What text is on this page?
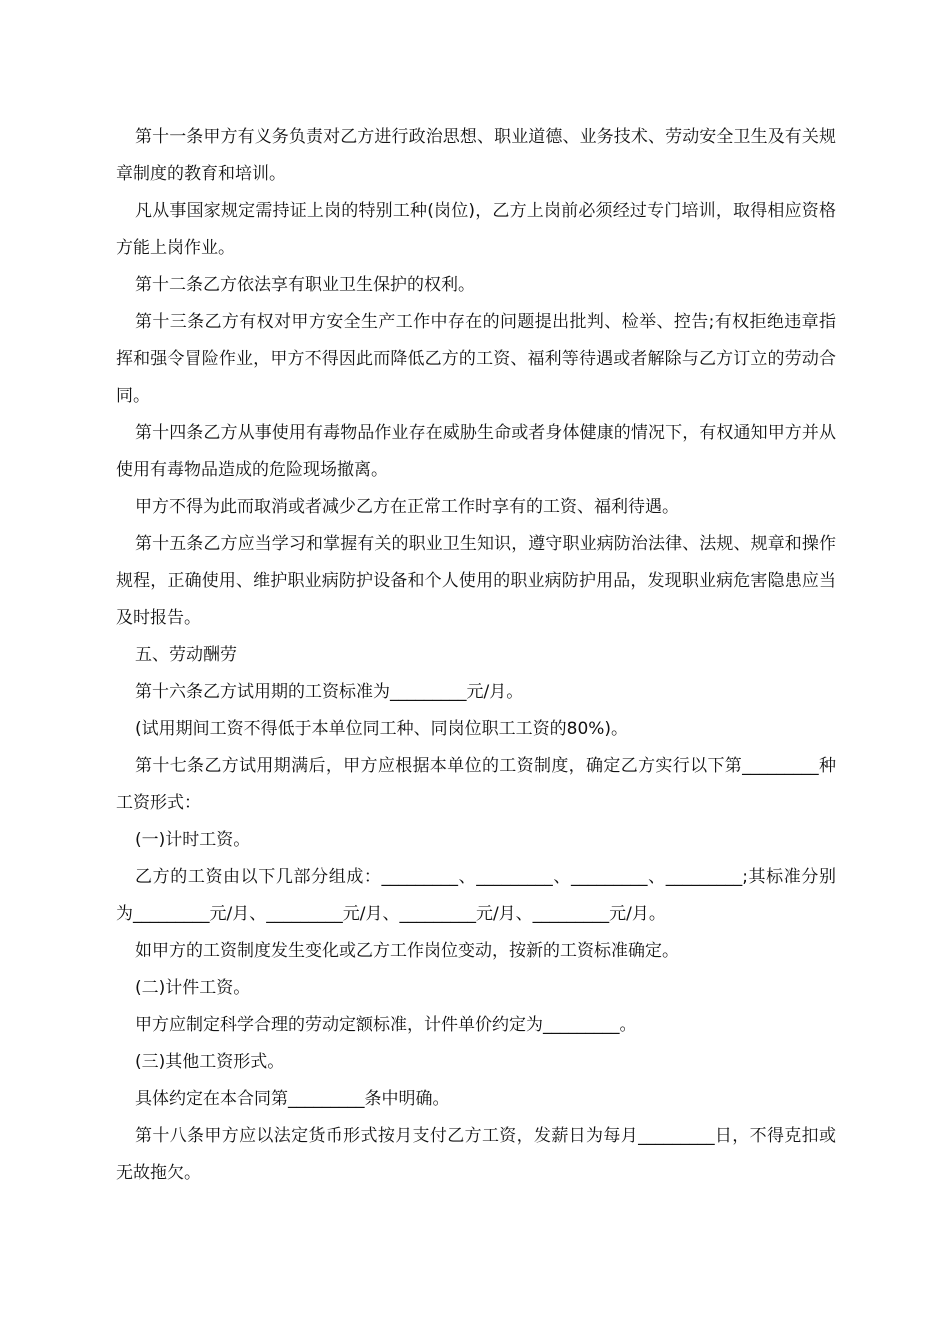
第十一条甲方有义务负责对乙方进行政治思想、职业道德、业务技术、劳动安全卫生及有关规章制度的教育和培训。

凡从事国家规定需持证上岗的特别工种(岗位)，乙方上岗前必须经过专门培训，取得相应资格方能上岗作业。

第十二条乙方依法享有职业卫生保护的权利。

第十三条乙方有权对甲方安全生产工作中存在的问题提出批判、检举、控告;有权拒绝违章指挥和强令冒险作业，甲方不得因此而降低乙方的工资、福利等待遇或者解除与乙方订立的劳动合同。

第十四条乙方从事使用有毒物品作业存在威胁生命或者身体健康的情况下，有权通知甲方并从使用有毒物品造成的危险现场撤离。

甲方不得为此而取消或者减少乙方在正常工作时享有的工资、福利待遇。

第十五条乙方应当学习和掌握有关的职业卫生知识，遵守职业病防治法律、法规、规章和操作规程，正确使用、维护职业病防护设备和个人使用的职业病防护用品，发现职业病危害隐患应当及时报告。

五、劳动酬劳

第十六条乙方试用期的工资标准为_________元/月。

(试用期间工资不得低于本单位同工种、同岗位职工工资的80%)。

第十七条乙方试用期满后，甲方应根据本单位的工资制度，确定乙方实行以下第_________种工资形式：

(一)计时工资。

乙方的工资由以下几部分组成：_________、_________、_________、_________;其标准分别为_________元/月、_________元/月、_________元/月、_________元/月。

如甲方的工资制度发生变化或乙方工作岗位变动，按新的工资标准确定。

(二)计件工资。

甲方应制定科学合理的劳动定额标准，计件单价约定为_________。

(三)其他工资形式。

具体约定在本合同第_________条中明确。

第十八条甲方应以法定货币形式按月支付乙方工资，发薪日为每月_________日，不得克扣或无故拖欠。
